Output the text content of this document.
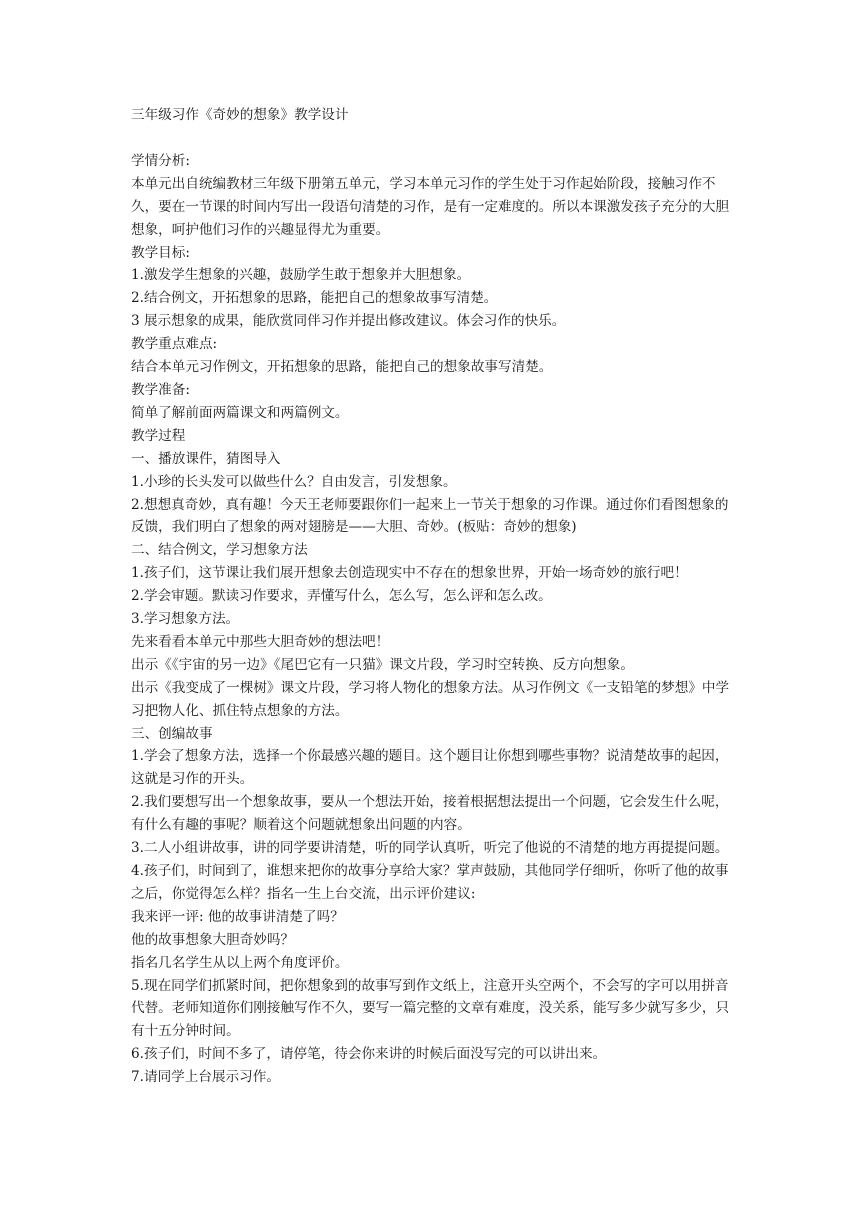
三年级习作《奇妙的想象》教学设计

学情分析:

本单元出自统编教材三年级下册第五单元，学习本单元习作的学生处于习作起始阶段，接触习作不久，要在一节课的时间内写出一段语句清楚的习作，是有一定难度的。所以本课激发孩子充分的大胆想象，呵护他们习作的兴趣显得尤为重要。

教学目标:

1.激发学生想象的兴趣，鼓励学生敢于想象并大胆想象。

2.结合例文，开拓想象的思路，能把自己的想象故事写清楚。

3 展示想象的成果，能欣赏同伴习作并提出修改建议。体会习作的快乐。

教学重点难点:

结合本单元习作例文，开拓想象的思路，能把自己的想象故事写清楚。

教学准备:

简单了解前面两篇课文和两篇例文。

教学过程

一、播放课件，猜图导入

1.小珍的长头发可以做些什么？自由发言，引发想象。

2.想想真奇妙，真有趣！今天王老师要跟你们一起来上一节关于想象的习作课。通过你们看图想象的反馈，我们明白了想象的两对翅膀是——大胆、奇妙。(板贴：奇妙的想象)

二、结合例文，学习想象方法

1.孩子们，这节课让我们展开想象去创造现实中不存在的想象世界，开始一场奇妙的旅行吧！

2.学会审题。默读习作要求，弄懂写什么，怎么写，怎么评和怎么改。

3.学习想象方法。

先来看看本单元中那些大胆奇妙的想法吧！

出示《《宇宙的另一边》《尾巴它有一只猫》课文片段，学习时空转换、反方向想象。

出示《我变成了一棵树》课文片段，学习将人物化的想象方法。从习作例文《一支铅笔的梦想》中学习把物人化、抓住特点想象的方法。

三、创编故事

1.学会了想象方法，选择一个你最感兴趣的题目。这个题目让你想到哪些事物？说清楚故事的起因，这就是习作的开头。

2.我们要想写出一个想象故事，要从一个想法开始，接着根据想法提出一个问题，它会发生什么呢，有什么有趣的事呢？顺着这个问题就想象出问题的内容。

3.二人小组讲故事，讲的同学要讲清楚，听的同学认真听，听完了他说的不清楚的地方再提提问题。

4.孩子们，时间到了，谁想来把你的故事分享给大家？掌声鼓励，其他同学仔细听，你听了他的故事之后，你觉得怎么样？指名一生上台交流，出示评价建议:

我来评一评: 他的故事讲清楚了吗？

他的故事想象大胆奇妙吗？

指名几名学生从以上两个角度评价。

5.现在同学们抓紧时间，把你想象到的故事写到作文纸上，注意开头空两个，不会写的字可以用拼音代替。老师知道你们刚接触写作不久，要写一篇完整的文章有难度，没关系，能写多少就写多少，只有十五分钟时间。

6.孩子们，时间不多了，请停笔，待会你来讲的时候后面没写完的可以讲出来。

7.请同学上台展示习作。
